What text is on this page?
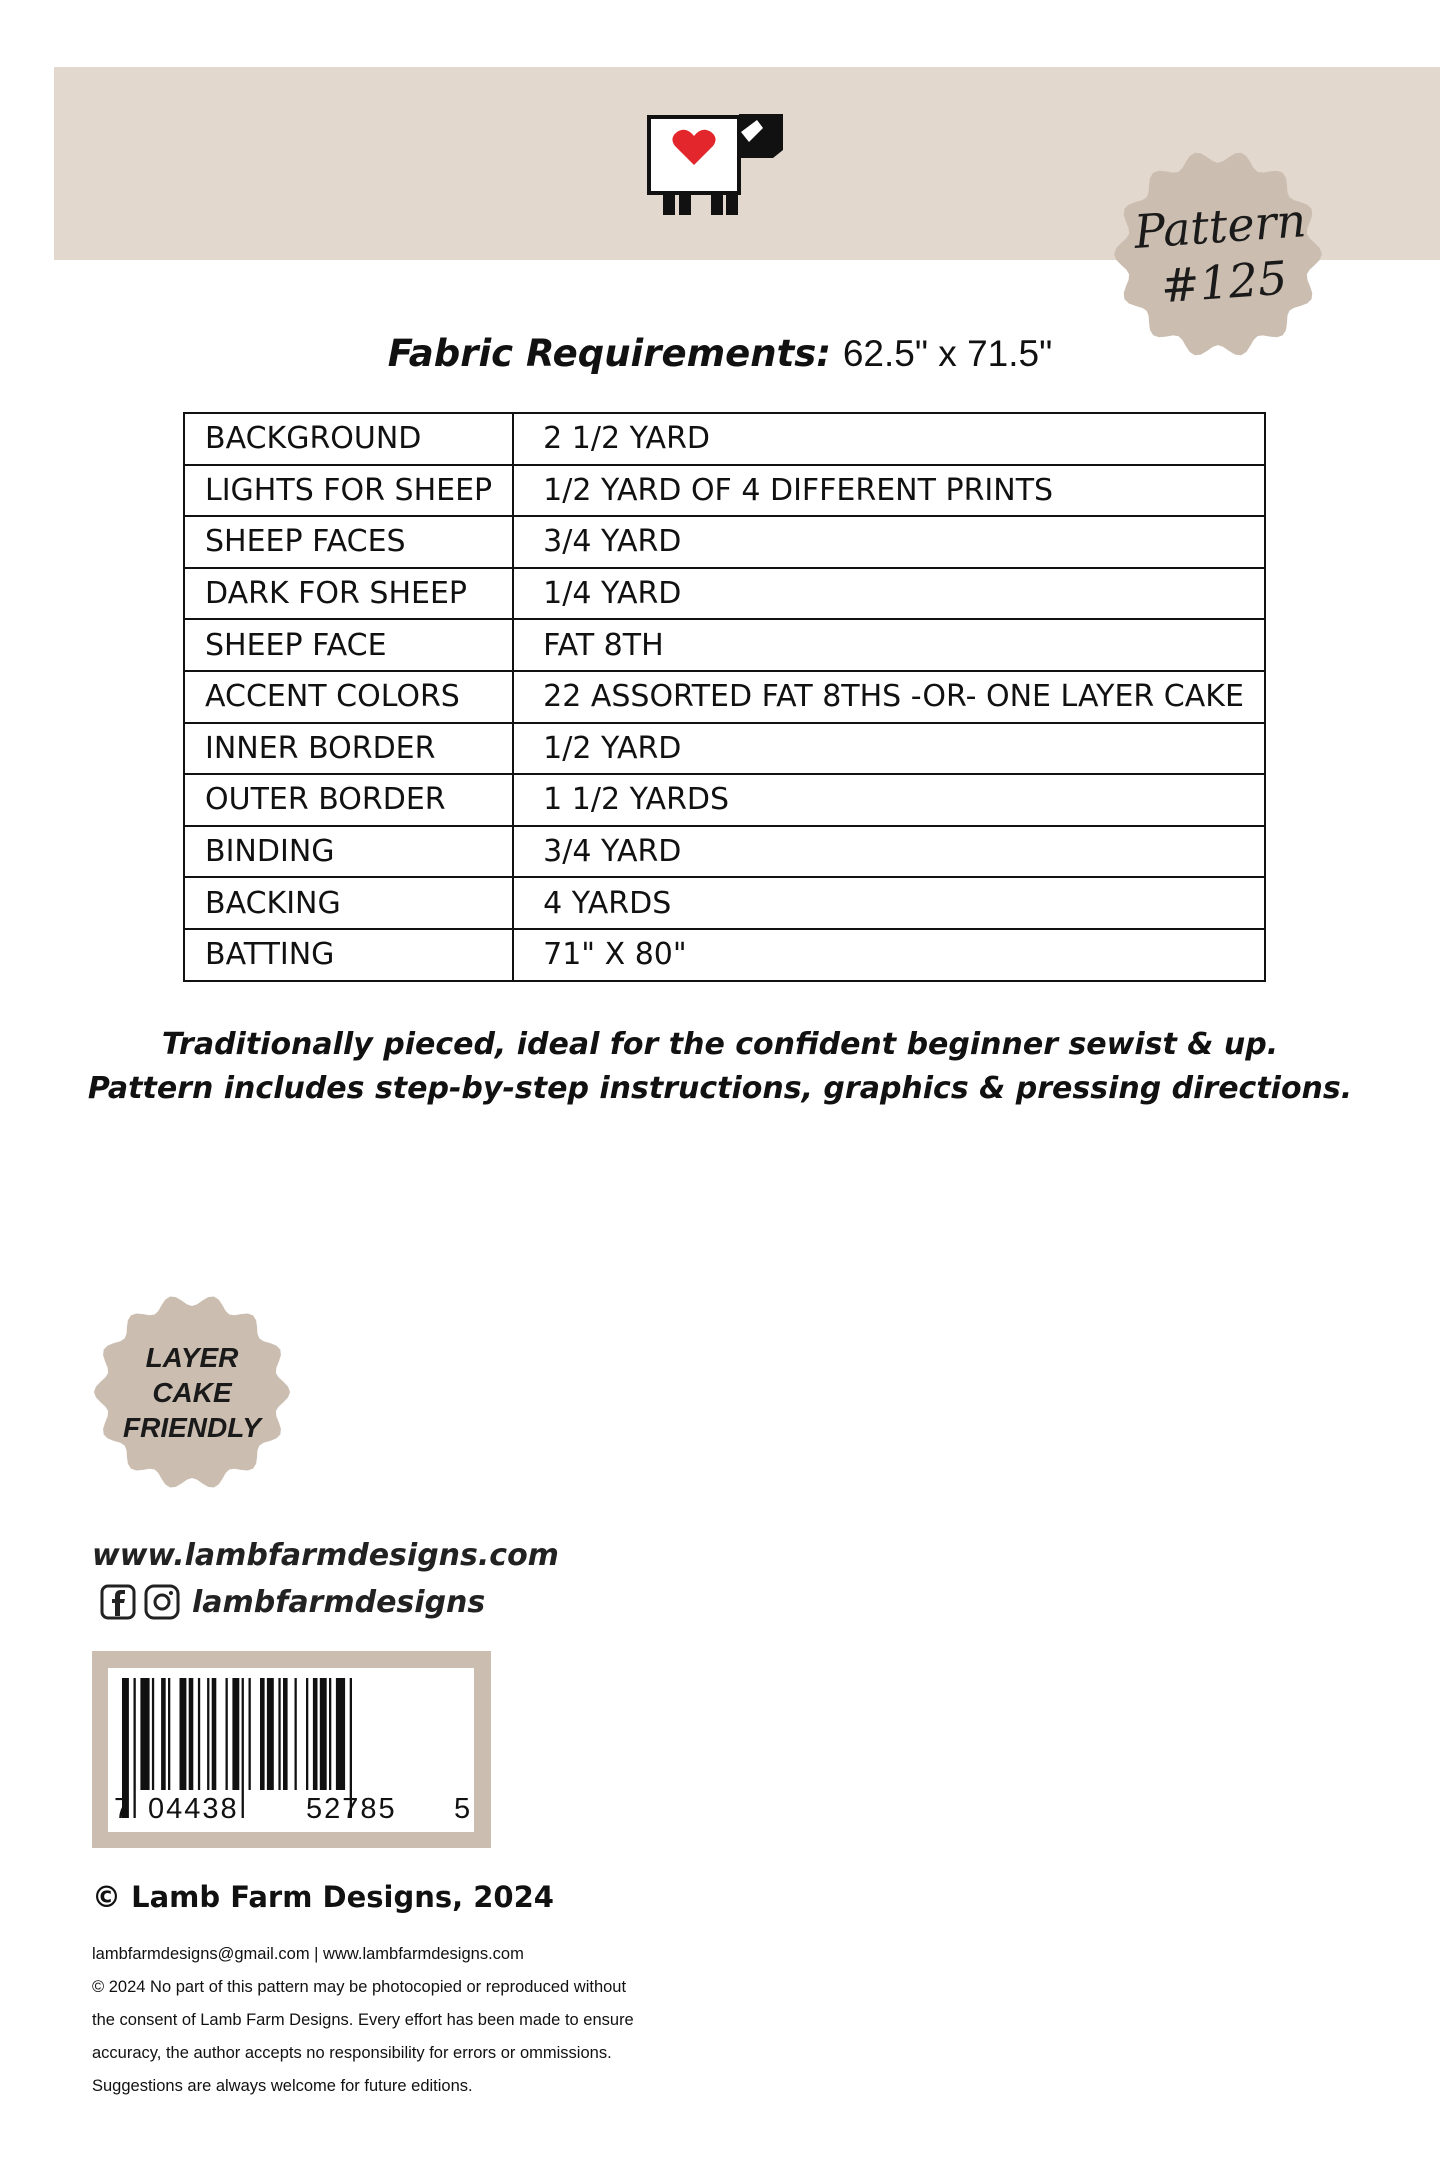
Pattern
#125
Fabric Requirements: 62.5" x 71.5"
BACKGROUND	2 1/2 YARD
LIGHTS FOR SHEEP	1/2 YARD OF 4 DIFFERENT PRINTS
SHEEP FACES	3/4 YARD
DARK FOR SHEEP	1/4 YARD
SHEEP FACE	FAT 8TH
ACCENT COLORS	22 ASSORTED FAT 8THS -OR- ONE LAYER CAKE
INNER BORDER	1/2 YARD
OUTER BORDER	1 1/2 YARDS
BINDING	3/4 YARD
BACKING	4 YARDS
BATTING	71" X 80"
Traditionally pieced, ideal for the confident beginner sewist & up.
Pattern includes step-by-step instructions, graphics & pressing directions.
LAYER
CAKE
FRIENDLY
www.lambfarmdesigns.com
lambfarmdesigns
7 04438 52785 5
© Lamb Farm Designs, 2024
lambfarmdesigns@gmail.com | www.lambfarmdesigns.com
© 2024 No part of this pattern may be photocopied or reproduced without
the consent of Lamb Farm Designs. Every effort has been made to ensure
accuracy, the author accepts no responsibility for errors or ommissions.
Suggestions are always welcome for future editions.
